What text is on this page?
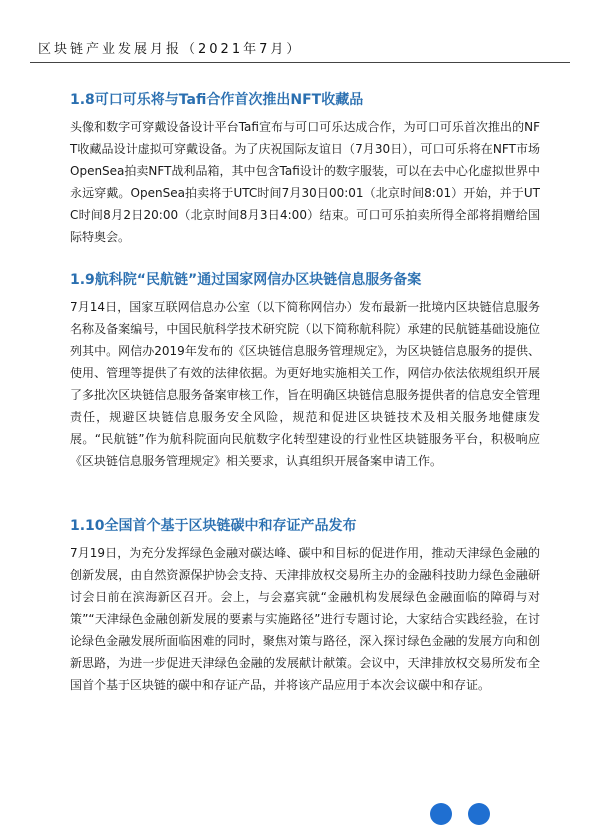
区块链产业发展月报（2021年7月）
1.8可口可乐将与Tafi合作首次推出NFT收藏品

头像和数字可穿戴设备设计平台Tafi宣布与可口可乐达成合作，为可口可乐首次推出的NFT收藏品设计虚拟可穿戴设备。为了庆祝国际友谊日（7月30日），可口可乐将在NFT市场OpenSea拍卖NFT战利品箱，其中包含Tafi设计的数字服装，可以在去中心化虚拟世界中永远穿戴。OpenSea拍卖将于UTC时间7月30日00:01（北京时间8:01）开始，并于UTC时间8月2日20:00（北京时间8月3日4:00）结束。可口可乐拍卖所得全部将捐赠给国际特奥会。

1.9航科院“民航链”通过国家网信办区块链信息服务备案

7月14日，国家互联网信息办公室（以下简称网信办）发布最新一批境内区块链信息服务名称及备案编号，中国民航科学技术研究院（以下简称航科院）承建的民航链基础设施位列其中。网信办2019年发布的《区块链信息服务管理规定》，为区块链信息服务的提供、使用、管理等提供了有效的法律依据。为更好地实施相关工作，网信办依法依规组织开展了多批次区块链信息服务备案审核工作，旨在明确区块链信息服务提供者的信息安全管理责任，规避区块链信息服务安全风险，规范和促进区块链技术及相关服务地健康发展。“民航链”作为航科院面向民航数字化转型建设的行业性区块链服务平台，积极响应《区块链信息服务管理规定》相关要求，认真组织开展备案申请工作。

1.10全国首个基于区块链碳中和存证产品发布

7月19日，为充分发挥绿色金融对碳达峰、碳中和目标的促进作用，推动天津绿色金融的创新发展，由自然资源保护协会支持、天津排放权交易所主办的金融科技助力绿色金融研讨会日前在滨海新区召开。会上，与会嘉宾就“金融机构发展绿色金融面临的障碍与对策”“天津绿色金融创新发展的要素与实施路径”进行专题讨论，大家结合实践经验，在讨论绿色金融发展所面临困难的同时，聚焦对策与路径，深入探讨绿色金融的发展方向和创新思路，为进一步促进天津绿色金融的发展献计献策。会议中，天津排放权交易所发布全国首个基于区块链的碳中和存证产品，并将该产品应用于本次会议碳中和存证。
